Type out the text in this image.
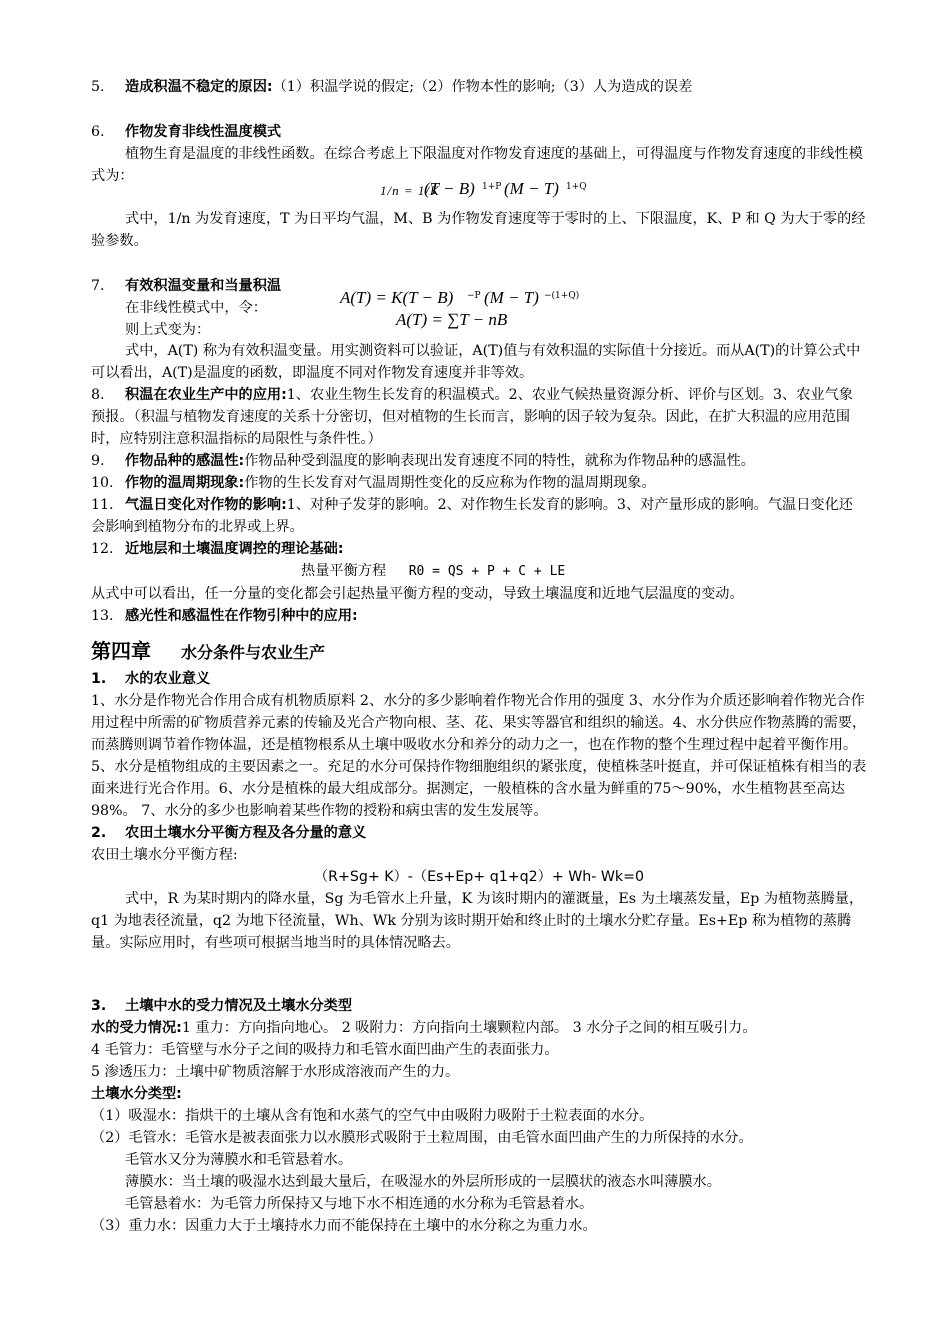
5. 造成积温不稳定的原因:（1）积温学说的假定;（2）作物本性的影响;（3）人为造成的误差

6. 作物发育非线性温度模式

植物生育是温度的非线性函数。在综合考虑上下限温度对作物发育速度的基础上，可得温度与作物发育速度的非线性模式为：

1/n = 1/K
(T − B) 1+P (M − T) 1+Q

式中，1/n 为发育速度，T 为日平均气温，M、B 为作物发育速度等于零时的上、下限温度，K、P 和 Q 为大于零的经验参数。

7. 有效积温变量和当量积温

在非线性模式中，令：

则上式变为：

A(T) = K(T − B) −P (M − T) −(1+Q)
A(T) = ∑T − nB

式中，A(T) 称为有效积温变量。用实测资料可以验证，A(T)值与有效积温的实际值十分接近。而从A(T)的计算公式中可以看出，A(T)是温度的函数，即温度不同对作物发育速度并非等效。

8. 积温在农业生产中的应用:1、农业生物生长发育的积温模式。2、农业气候热量资源分析、评价与区划。3、农业气象预报。（积温与植物发育速度的关系十分密切，但对植物的生长而言，影响的因子较为复杂。因此，在扩大积温的应用范围时，应特别注意积温指标的局限性与条件性。）

9. 作物品种的感温性:作物品种受到温度的影响表现出发育速度不同的特性，就称为作物品种的感温性。

10. 作物的温周期现象:作物的生长发育对气温周期性变化的反应称为作物的温周期现象。

11. 气温日变化对作物的影响:1、对种子发芽的影响。2、对作物生长发育的影响。3、对产量形成的影响。气温日变化还会影响到植物分布的北界或上界。

12. 近地层和土壤温度调控的理论基础:

热量平衡方程 R0 = QS + P + C + LE

从式中可以看出，任一分量的变化都会引起热量平衡方程的变动，导致土壤温度和近地气层温度的变动。

13. 感光性和感温性在作物引种中的应用:

第四章 水分条件与农业生产

1. 水的农业意义

1、水分是作物光合作用合成有机物质原料 2、水分的多少影响着作物光合作用的强度 3、水分作为介质还影响着作物光合作用过程中所需的矿物质营养元素的传输及光合产物向根、茎、花、果实等器官和组织的输送。4、水分供应作物蒸腾的需要，而蒸腾则调节着作物体温，还是植物根系从土壤中吸收水分和养分的动力之一，也在作物的整个生理过程中起着平衡作用。5、水分是植物组成的主要因素之一。充足的水分可保持作物细胞组织的紧张度，使植株茎叶挺直，并可保证植株有相当的表面来进行光合作用。6、水分是植株的最大组成部分。据测定，一般植株的含水量为鲜重的75～90%，水生植物甚至高达98%。 7、水分的多少也影响着某些作物的授粉和病虫害的发生发展等。

2. 农田土壤水分平衡方程及各分量的意义

农田土壤水分平衡方程:

（R+Sg+ K）-（Es+Ep+ q1+q2）+ Wh- Wk=0

式中，R 为某时期内的降水量，Sg 为毛管水上升量，K 为该时期内的灌溉量，Es 为土壤蒸发量，Ep 为植物蒸腾量，q1 为地表径流量，q2 为地下径流量，Wh、Wk 分别为该时期开始和终止时的土壤水分贮存量。Es+Ep 称为植物的蒸腾量。实际应用时，有些项可根据当地当时的具体情况略去。

3. 土壤中水的受力情况及土壤水分类型

水的受力情况:1 重力：方向指向地心。 2 吸附力：方向指向土壤颗粒内部。 3 水分子之间的相互吸引力。

4 毛管力：毛管壁与水分子之间的吸持力和毛管水面凹曲产生的表面张力。

5 渗透压力：土壤中矿物质溶解于水形成溶液而产生的力。

土壤水分类型:

（1）吸湿水：指烘干的土壤从含有饱和水蒸气的空气中由吸附力吸附于土粒表面的水分。

（2）毛管水：毛管水是被表面张力以水膜形式吸附于土粒周围，由毛管水面凹曲产生的力所保持的水分。

毛管水又分为薄膜水和毛管悬着水。

薄膜水：当土壤的吸湿水达到最大量后，在吸湿水的外层所形成的一层膜状的液态水叫薄膜水。

毛管悬着水：为毛管力所保持又与地下水不相连通的水分称为毛管悬着水。

（3）重力水：因重力大于土壤持水力而不能保持在土壤中的水分称之为重力水。
